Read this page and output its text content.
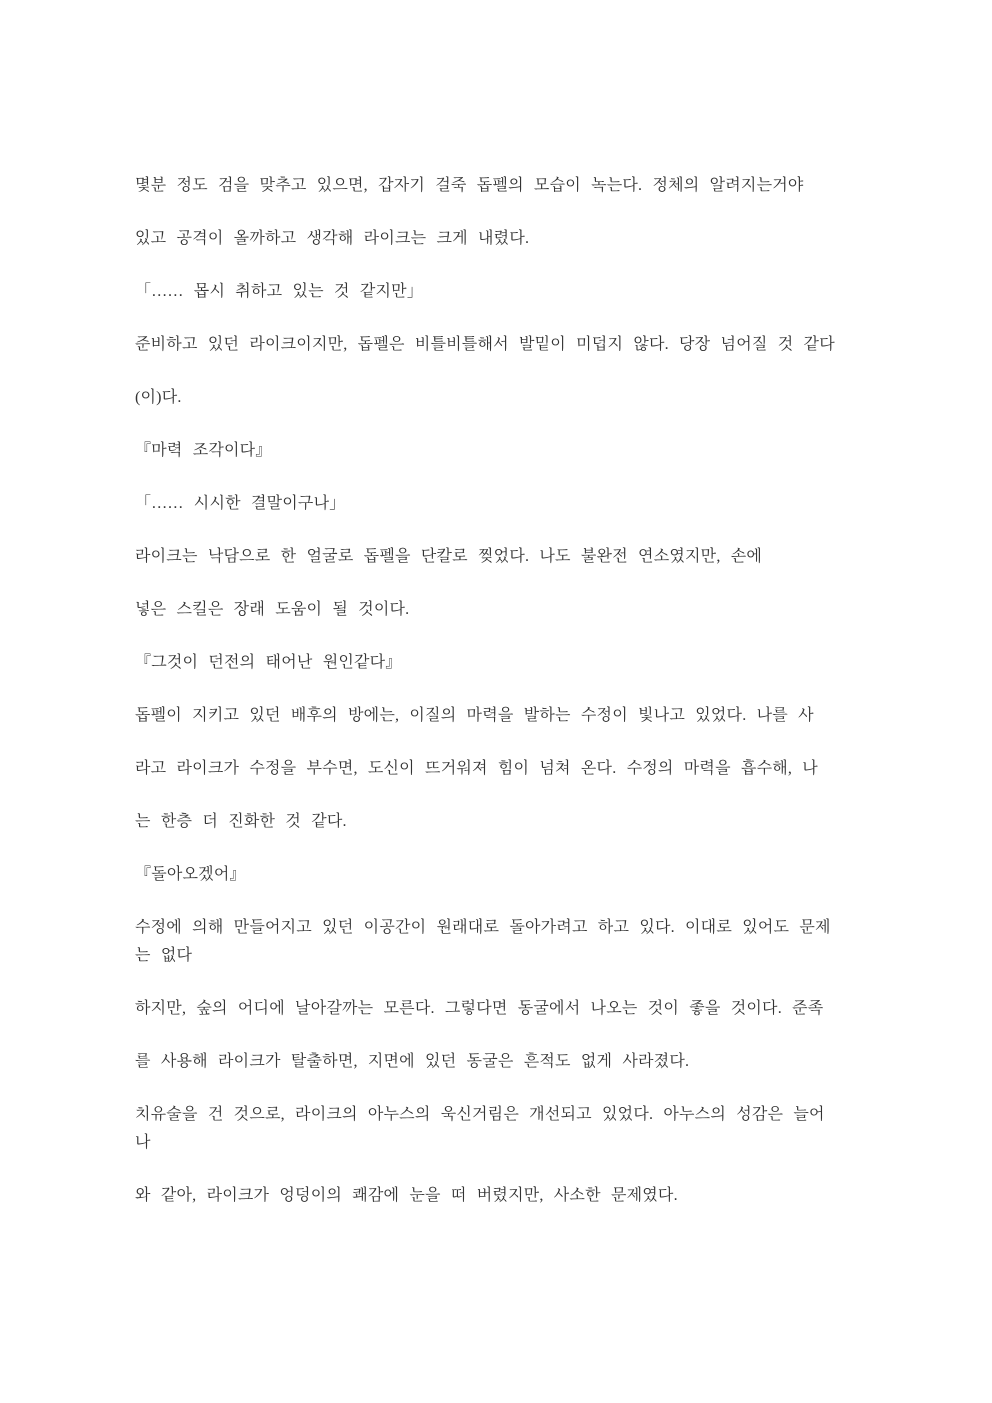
몇분 정도 검을 맞추고 있으면, 갑자기 걸죽 돕펠의 모습이 녹는다. 정체의 알려지는거야
있고 공격이 올까하고 생각해 라이크는 크게 내렸다.
「…… 몹시 취하고 있는 것 같지만」
준비하고 있던 라이크이지만, 돕펠은 비틀비틀해서 발밑이 미덥지 않다. 당장 넘어질 것 같다
(이)다.
『마력 조각이다』
「…… 시시한 결말이구나」
라이크는 낙담으로 한 얼굴로 돕펠을 단칼로 찢었다. 나도 불완전 연소였지만, 손에
넣은 스킬은 장래 도움이 될 것이다.
『그것이 던전의 태어난 원인같다』
돕펠이 지키고 있던 배후의 방에는, 이질의 마력을 발하는 수정이 빛나고 있었다. 나를 사
라고 라이크가 수정을 부수면, 도신이 뜨거워져 힘이 넘쳐 온다. 수정의 마력을 흡수해, 나
는 한층 더 진화한 것 같다.
『돌아오겠어』
수정에 의해 만들어지고 있던 이공간이 원래대로 돌아가려고 하고 있다. 이대로 있어도 문제
는 없다
하지만, 숲의 어디에 날아갈까는 모른다. 그렇다면 동굴에서 나오는 것이 좋을 것이다. 준족
를 사용해 라이크가 탈출하면, 지면에 있던 동굴은 흔적도 없게 사라졌다.
치유술을 건 것으로, 라이크의 아누스의 욱신거림은 개선되고 있었다. 아누스의 성감은 늘어
나
와 같아, 라이크가 엉덩이의 쾌감에 눈을 떠 버렸지만, 사소한 문제였다.
